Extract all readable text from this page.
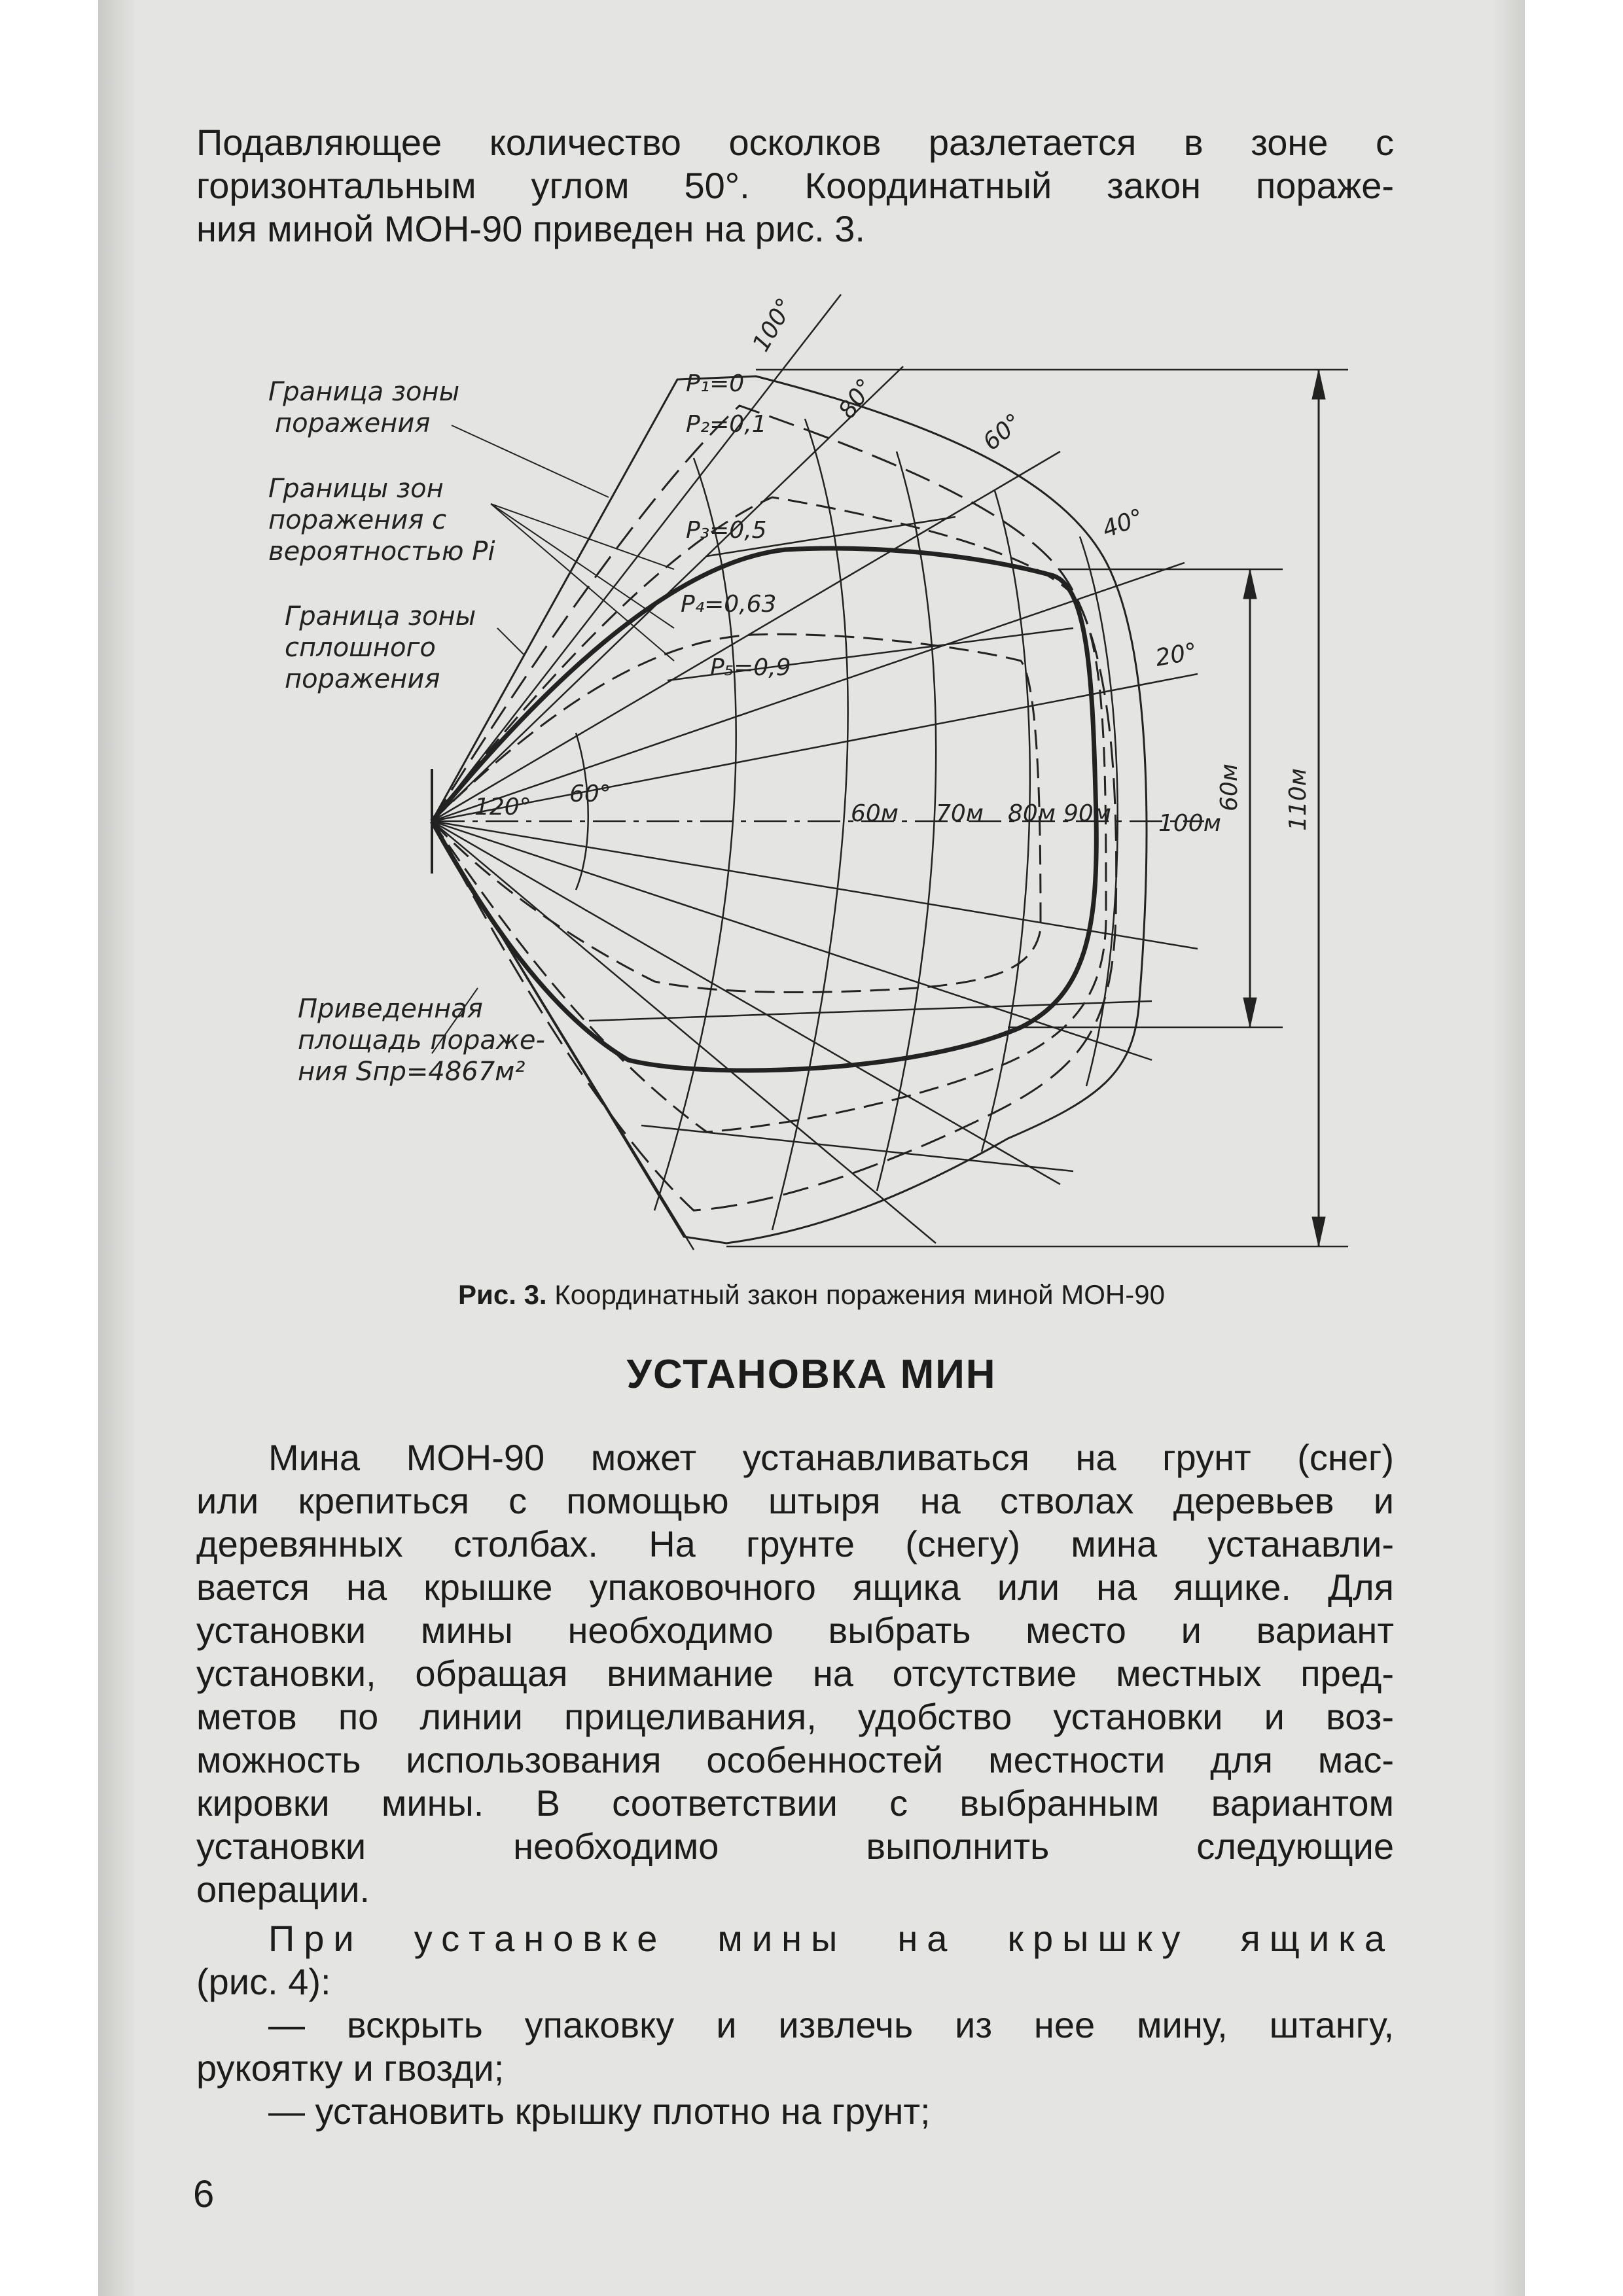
Подавляющее количество осколков разлетается в зоне с

горизонтальным углом 50°. Координатный закон пораже-

ния миной МОН-90 приведен на рис. 3.

Граница зоны
поражения
Границы зон
поражения с
вероятностью Pi
Граница зоны
сплошного
поражения
Приведенная
площадь пораже-
ния Sпр=4867м²
P₁=0
P₂=0,1
P₃=0,5
P₄=0,63
P₅=0,9
100°
80°
60°
40°
20°
120° 60°
60м 70м 80м 90м 100м
60м 110м

Рис. 3. Координатный закон поражения миной МОН-90

УСТАНОВКА МИН

Мина МОН-90 может устанавливаться на грунт (снег)

или крепиться с помощью штыря на стволах деревьев и

деревянных столбах. На грунте (снегу) мина устанавли-

вается на крышке упаковочного ящика или на ящике. Для

установки мины необходимо выбрать место и вариант

установки, обращая внимание на отсутствие местных пред-

метов по линии прицеливания, удобство установки и воз-

можность использования особенностей местности для мас-

кировки мины. В соответствии с выбранным вариантом

установки необходимо выполнить следующие

операции.

При установке мины на крышку ящика

(рис. 4):

— вскрыть упаковку и извлечь из нее мину, штангу,

рукоятку и гвозди;

— установить крышку плотно на грунт;

6
